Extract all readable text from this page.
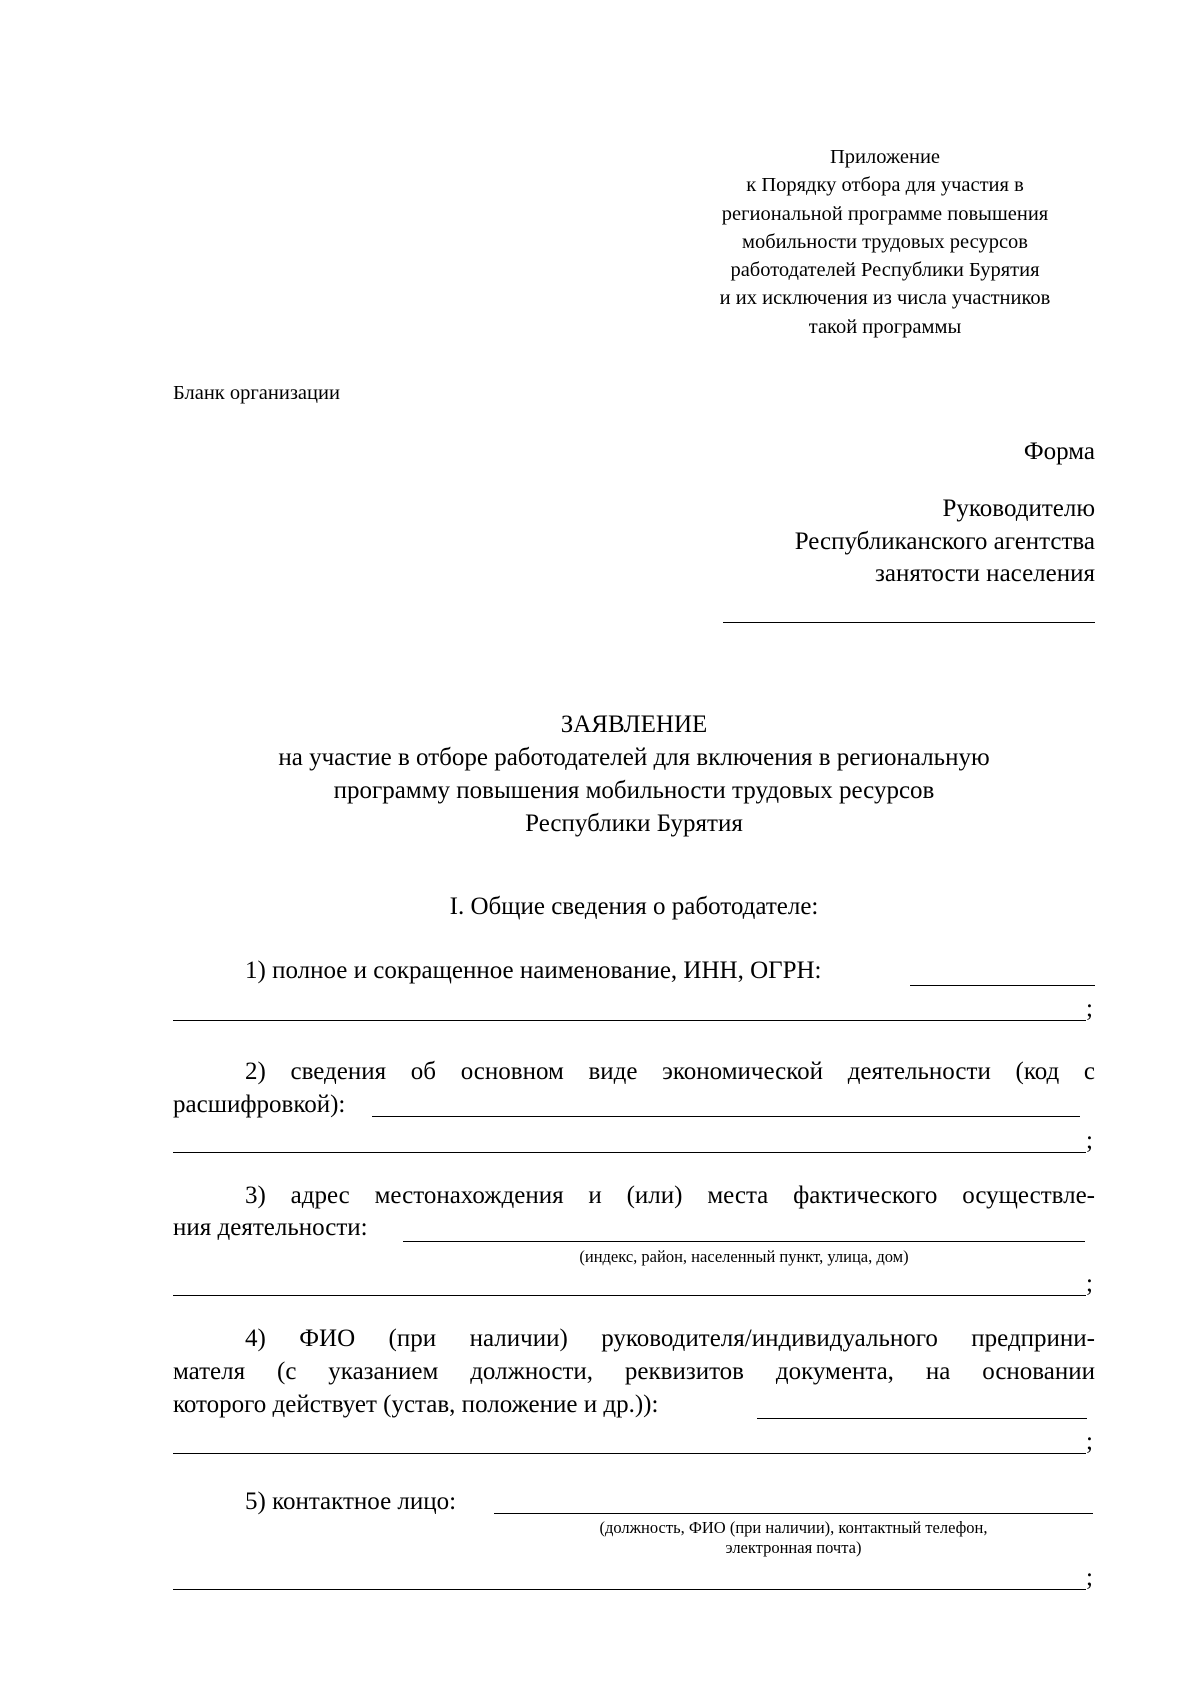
Приложение
к Порядку отбора для участия в
региональной программе повышения
мобильности трудовых ресурсов
работодателей Республики Бурятия
и их исключения из числа участников
такой программы
Бланк организации
Форма
Руководителю
Республиканского агентства
занятости населения
ЗАЯВЛЕНИЕ
на участие в отборе работодателей для включения в региональную
программу повышения мобильности трудовых ресурсов
Республики Бурятия
I. Общие сведения о работодателе:
1) полное и сокращенное наименование, ИНН, ОГРН:
;
2) сведения об основном виде экономической деятельности (код с
расшифровкой):
;
3) адрес местонахождения и (или) места фактического осуществле-
ния деятельности:
(индекс, район, населенный пункт, улица, дом)
;
4) ФИО (при наличии) руководителя/индивидуального предприни-
мателя (с указанием должности, реквизитов документа, на основании
которого действует (устав, положение и др.)):
;
5) контактное лицо:
(должность, ФИО (при наличии), контактный телефон,
электронная почта)
;
